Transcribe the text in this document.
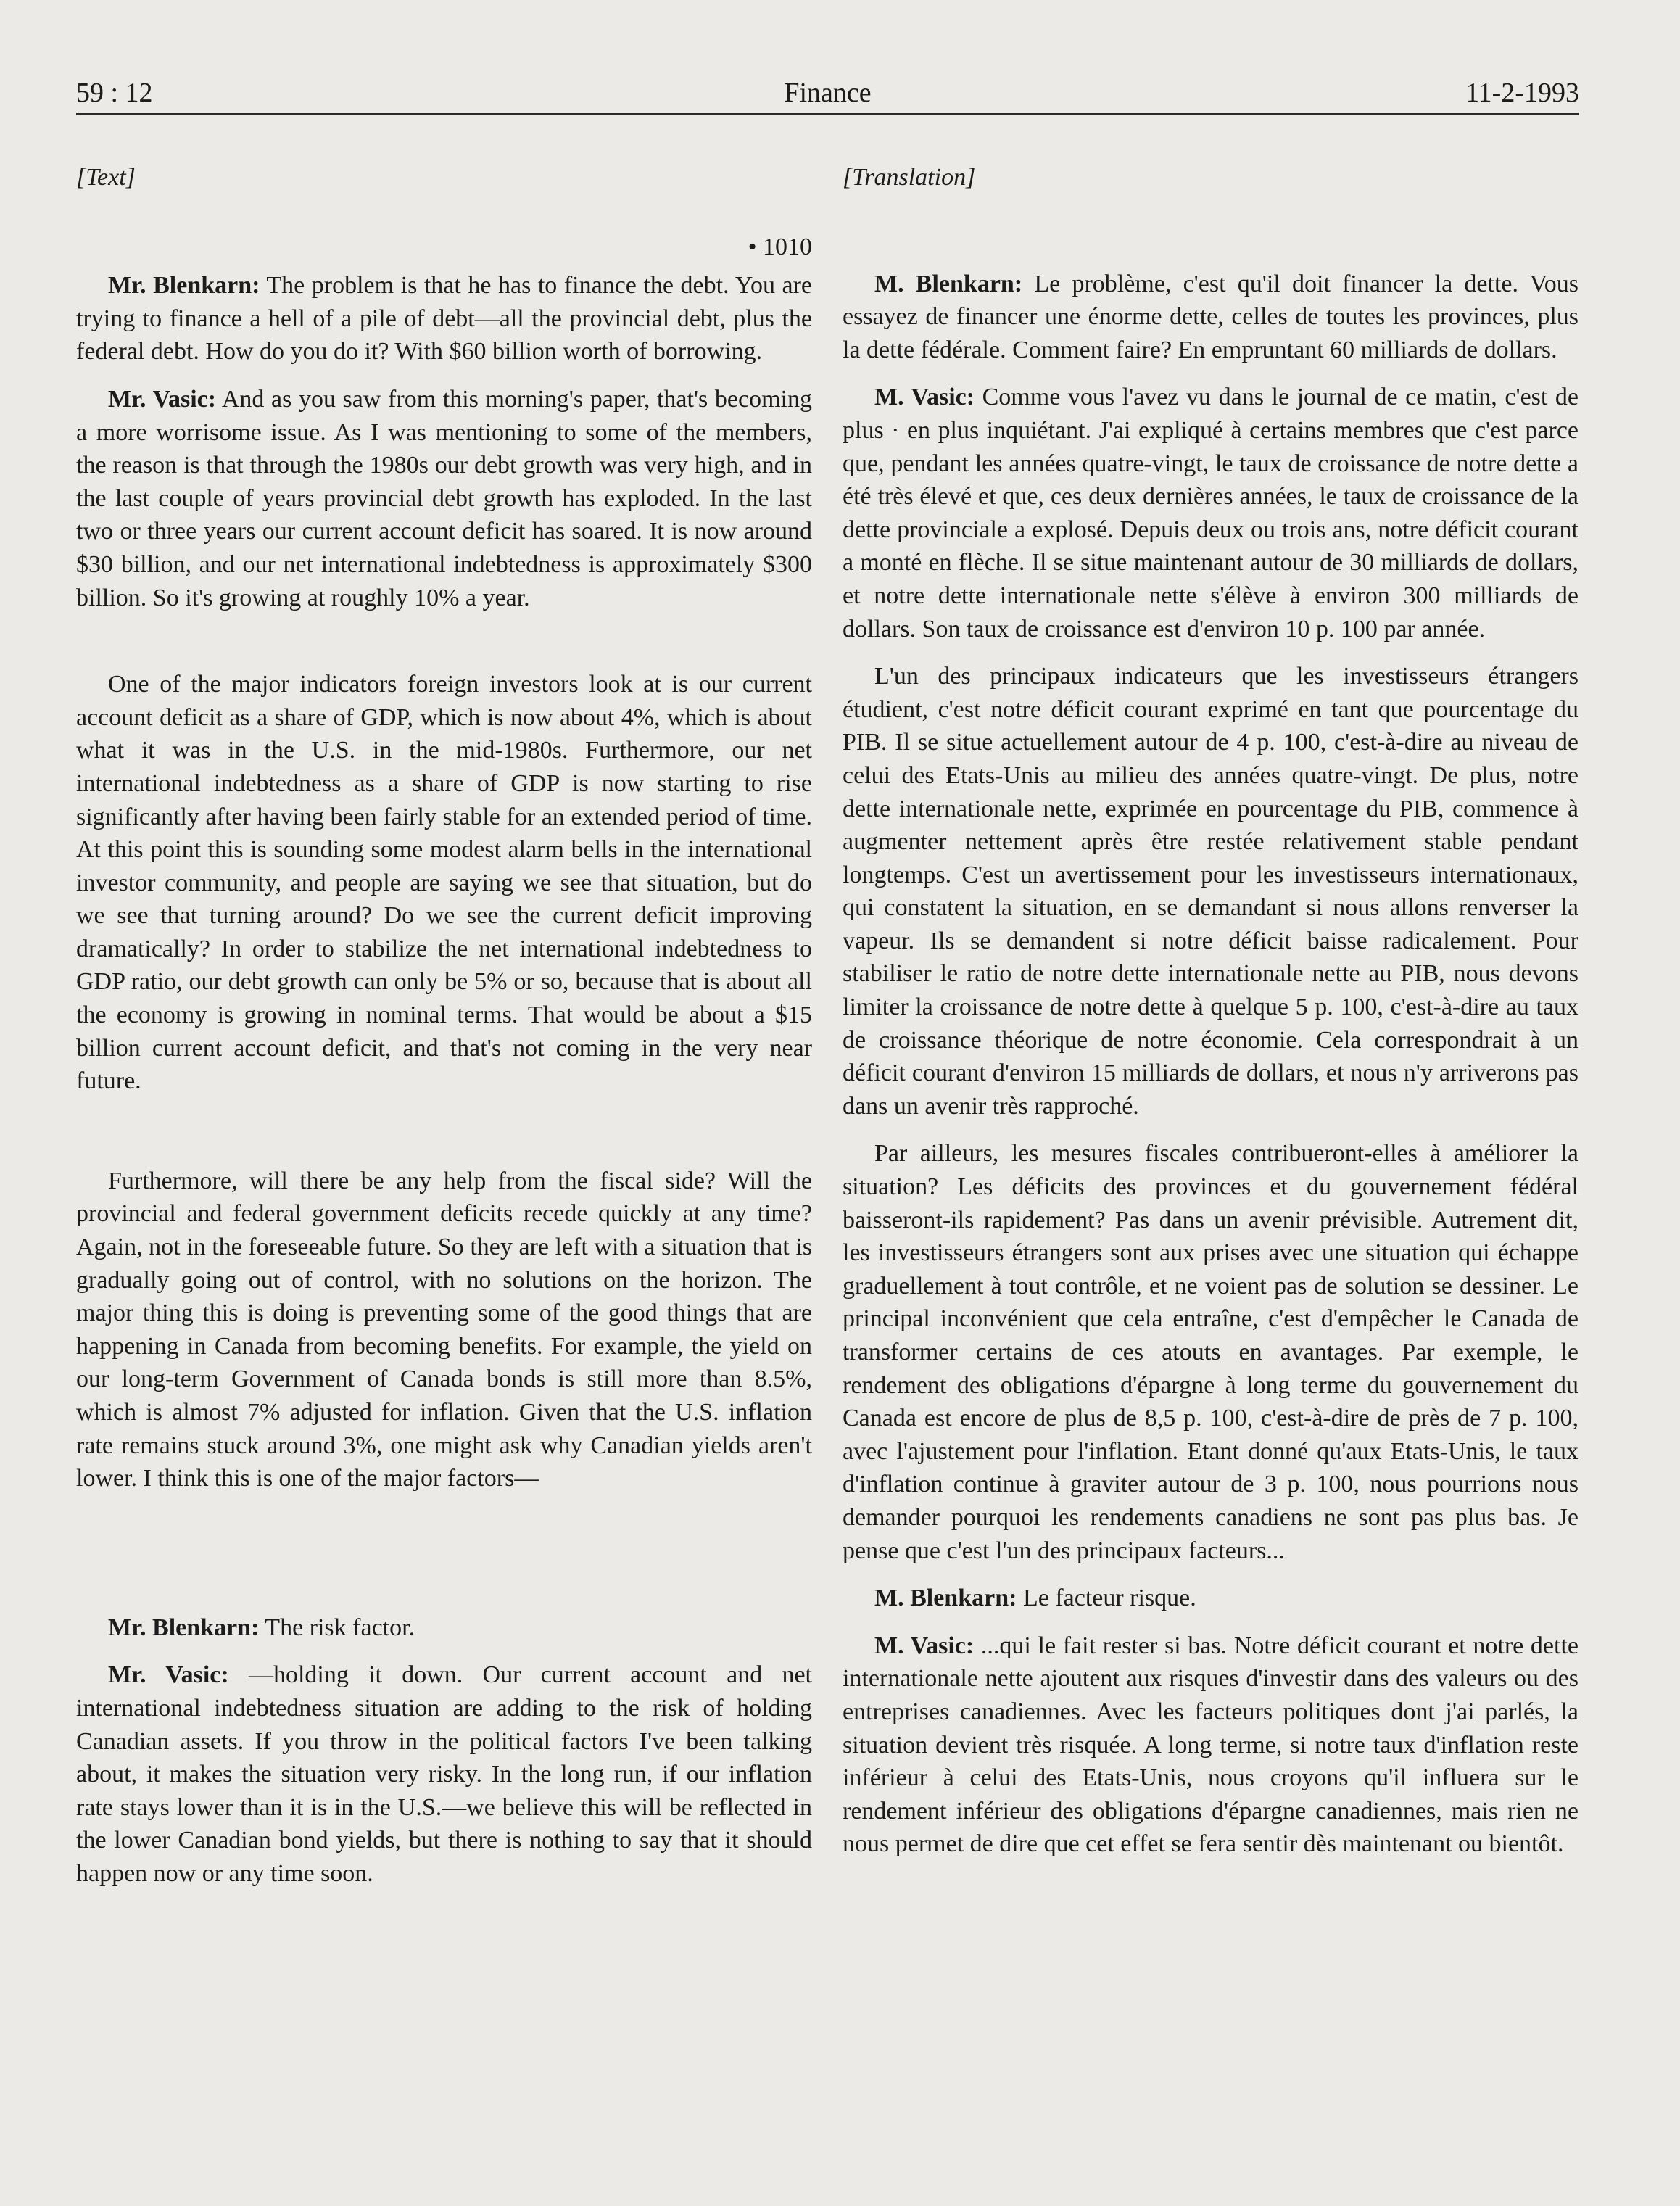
59 : 12	Finance	11-2-1993
[Text]
• 1010

Mr. Blenkarn: The problem is that he has to finance the debt. You are trying to finance a hell of a pile of debt—all the provincial debt, plus the federal debt. How do you do it? With $60 billion worth of borrowing.

Mr. Vasic: And as you saw from this morning's paper, that's becoming a more worrisome issue. As I was mentioning to some of the members, the reason is that through the 1980s our debt growth was very high, and in the last couple of years provincial debt growth has exploded. In the last two or three years our current account deficit has soared. It is now around $30 billion, and our net international indebtedness is approximately $300 billion. So it's growing at roughly 10% a year.

One of the major indicators foreign investors look at is our current account deficit as a share of GDP, which is now about 4%, which is about what it was in the U.S. in the mid-1980s. Furthermore, our net international indebtedness as a share of GDP is now starting to rise significantly after having been fairly stable for an extended period of time. At this point this is sounding some modest alarm bells in the international investor community, and people are saying we see that situation, but do we see that turning around? Do we see the current deficit improving dramatically? In order to stabilize the net international indebtedness to GDP ratio, our debt growth can only be 5% or so, because that is about all the economy is growing in nominal terms. That would be about a $15 billion current account deficit, and that's not coming in the very near future.

Furthermore, will there be any help from the fiscal side? Will the provincial and federal government deficits recede quickly at any time? Again, not in the foreseeable future. So they are left with a situation that is gradually going out of control, with no solutions on the horizon. The major thing this is doing is preventing some of the good things that are happening in Canada from becoming benefits. For example, the yield on our long-term Government of Canada bonds is still more than 8.5%, which is almost 7% adjusted for inflation. Given that the U.S. inflation rate remains stuck around 3%, one might ask why Canadian yields aren't lower. I think this is one of the major factors—

Mr. Blenkarn: The risk factor.

Mr. Vasic: —holding it down. Our current account and net international indebtedness situation are adding to the risk of holding Canadian assets. If you throw in the political factors I've been talking about, it makes the situation very risky. In the long run, if our inflation rate stays lower than it is in the U.S.—we believe this will be reflected in the lower Canadian bond yields, but there is nothing to say that it should happen now or any time soon.

[Translation]

M. Blenkarn: Le problème, c'est qu'il doit financer la dette. Vous essayez de financer une énorme dette, celles de toutes les provinces, plus la dette fédérale. Comment faire? En empruntant 60 milliards de dollars.

M. Vasic: Comme vous l'avez vu dans le journal de ce matin, c'est de plus · en plus inquiétant. J'ai expliqué à certains membres que c'est parce que, pendant les années quatre-vingt, le taux de croissance de notre dette a été très élevé et que, ces deux dernières années, le taux de croissance de la dette provinciale a explosé. Depuis deux ou trois ans, notre déficit courant a monté en flèche. Il se situe maintenant autour de 30 milliards de dollars, et notre dette internationale nette s'élève à environ 300 milliards de dollars. Son taux de croissance est d'environ 10 p. 100 par année.

L'un des principaux indicateurs que les investisseurs étrangers étudient, c'est notre déficit courant exprimé en tant que pourcentage du PIB. Il se situe actuellement autour de 4 p. 100, c'est-à-dire au niveau de celui des Etats-Unis au milieu des années quatre-vingt. De plus, notre dette internationale nette, exprimée en pourcentage du PIB, commence à augmenter nettement après être restée relativement stable pendant longtemps. C'est un avertissement pour les investisseurs internationaux, qui constatent la situation, en se demandant si nous allons renverser la vapeur. Ils se demandent si notre déficit baisse radicalement. Pour stabiliser le ratio de notre dette internationale nette au PIB, nous devons limiter la croissance de notre dette à quelque 5 p. 100, c'est-à-dire au taux de croissance théorique de notre économie. Cela correspondrait à un déficit courant d'environ 15 milliards de dollars, et nous n'y arriverons pas dans un avenir très rapproché.

Par ailleurs, les mesures fiscales contribueront-elles à améliorer la situation? Les déficits des provinces et du gouvernement fédéral baisseront-ils rapidement? Pas dans un avenir prévisible. Autrement dit, les investisseurs étrangers sont aux prises avec une situation qui échappe graduellement à tout contrôle, et ne voient pas de solution se dessiner. Le principal inconvénient que cela entraîne, c'est d'empêcher le Canada de transformer certains de ces atouts en avantages. Par exemple, le rendement des obligations d'épargne à long terme du gouvernement du Canada est encore de plus de 8,5 p. 100, c'est-à-dire de près de 7 p. 100, avec l'ajustement pour l'inflation. Etant donné qu'aux Etats-Unis, le taux d'inflation continue à graviter autour de 3 p. 100, nous pourrions nous demander pourquoi les rendements canadiens ne sont pas plus bas. Je pense que c'est l'un des principaux facteurs...

M. Blenkarn: Le facteur risque.

M. Vasic: ...qui le fait rester si bas. Notre déficit courant et notre dette internationale nette ajoutent aux risques d'investir dans des valeurs ou des entreprises canadiennes. Avec les facteurs politiques dont j'ai parlés, la situation devient très risquée. A long terme, si notre taux d'inflation reste inférieur à celui des Etats-Unis, nous croyons qu'il influera sur le rendement inférieur des obligations d'épargne canadiennes, mais rien ne nous permet de dire que cet effet se fera sentir dès maintenant ou bientôt.
